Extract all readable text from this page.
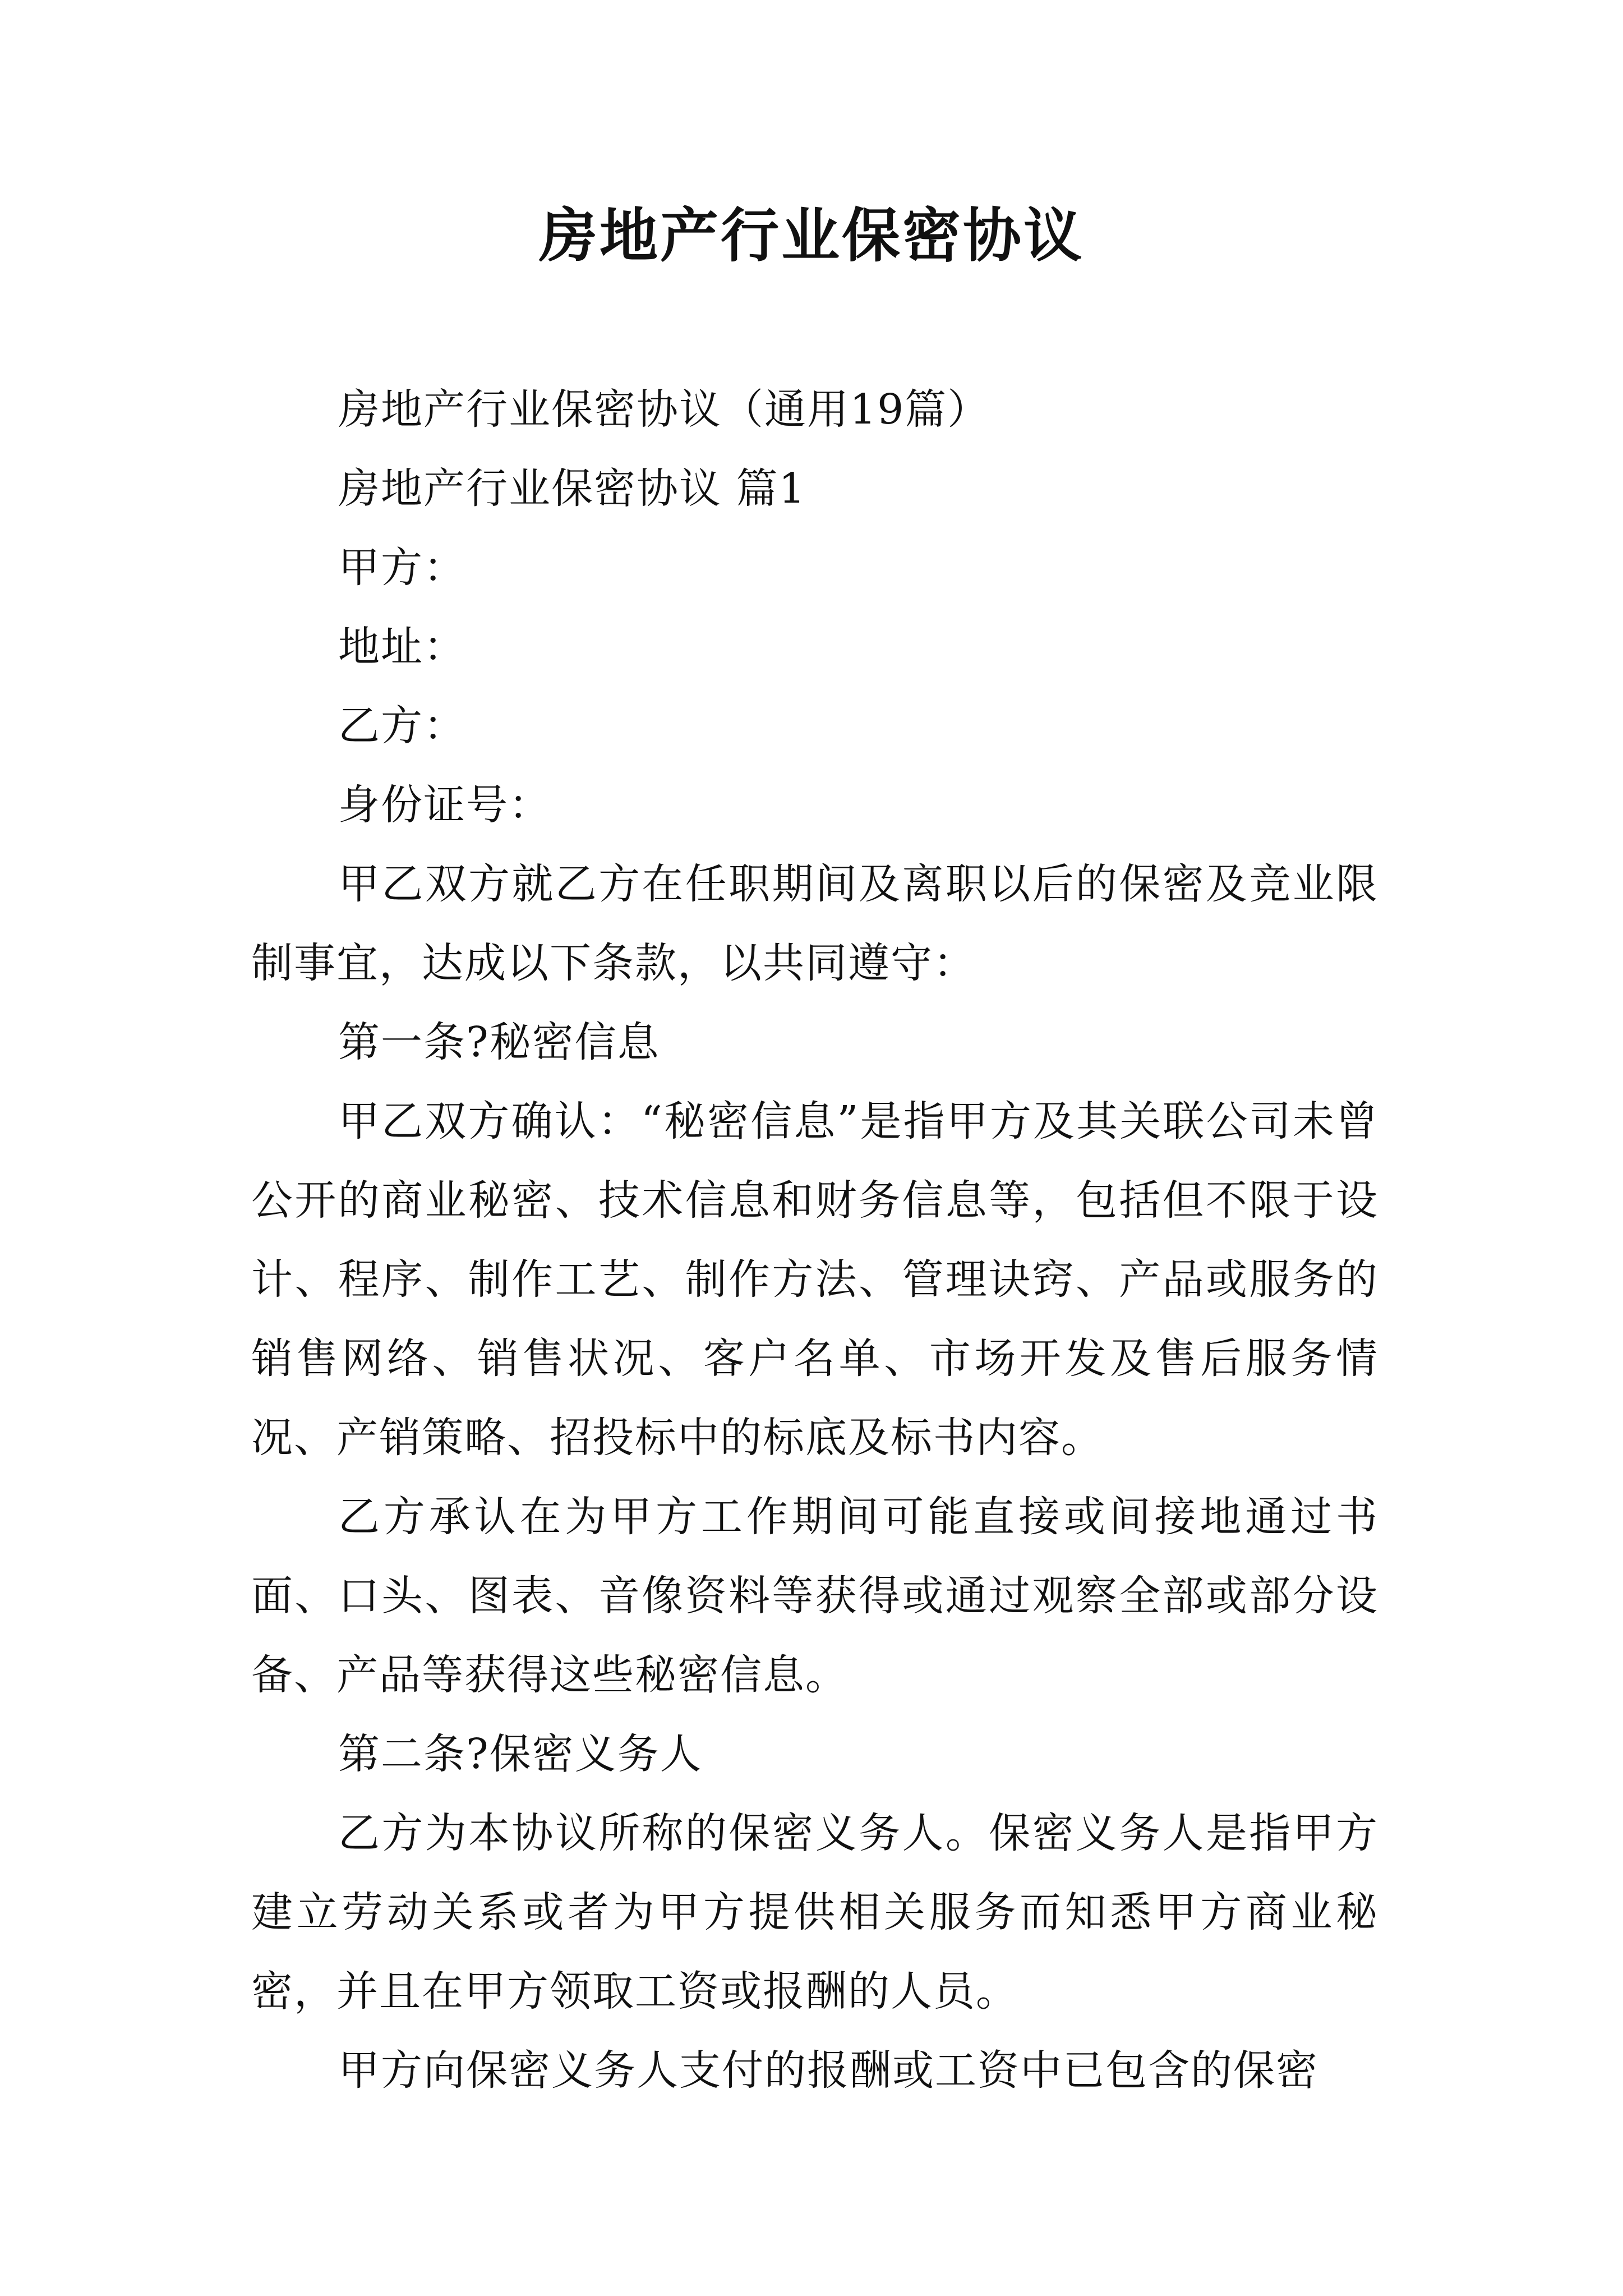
房地产行业保密协议

房地产行业保密协议（通用19篇）

房地产行业保密协议 篇1

甲方：

地址：

乙方：

身份证号：

甲乙双方就乙方在任职期间及离职以后的保密及竞业限制事宜，达成以下条款，以共同遵守：

第一条?秘密信息

甲乙双方确认：“秘密信息”是指甲方及其关联公司未曾公开的商业秘密、技术信息和财务信息等，包括但不限于设计、程序、制作工艺、制作方法、管理诀窍、产品或服务的销售网络、销售状况、客户名单、市场开发及售后服务情况、产销策略、招投标中的标底及标书内容。

乙方承认在为甲方工作期间可能直接或间接地通过书面、口头、图表、音像资料等获得或通过观察全部或部分设备、产品等获得这些秘密信息。

第二条?保密义务人

乙方为本协议所称的保密义务人。保密义务人是指甲方建立劳动关系或者为甲方提供相关服务而知悉甲方商业秘密，并且在甲方领取工资或报酬的人员。

甲方向保密义务人支付的报酬或工资中已包含的保密
